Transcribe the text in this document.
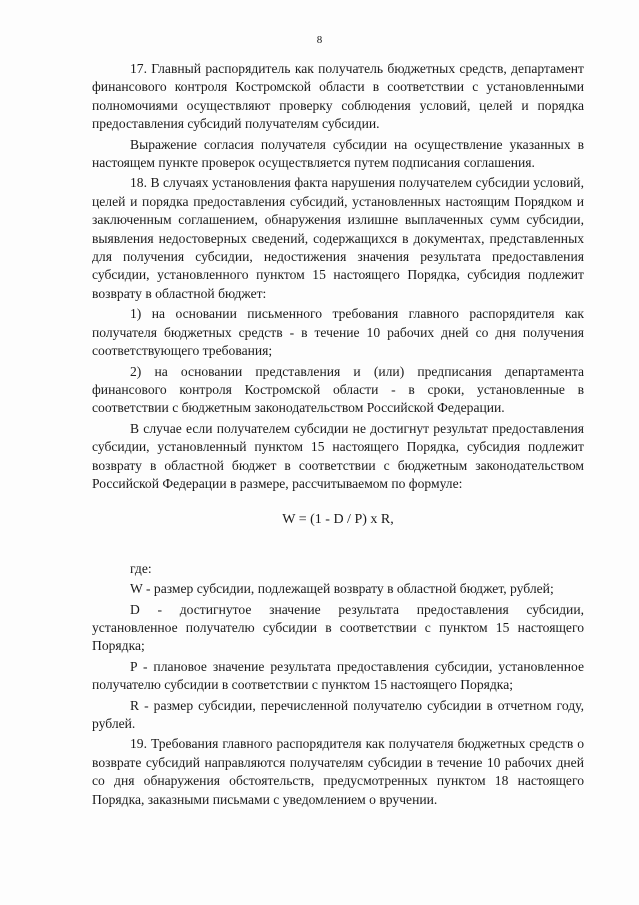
8

17. Главный распорядитель как получатель бюджетных средств, департамент финансового контроля Костромской области в соответствии с установленными полномочиями осуществляют проверку соблюдения условий, целей и порядка предоставления субсидий получателям субсидии.

Выражение согласия получателя субсидии на осуществление указанных в настоящем пункте проверок осуществляется путем подписания соглашения.

18. В случаях установления факта нарушения получателем субсидии условий, целей и порядка предоставления субсидий, установленных настоящим Порядком и заключенным соглашением, обнаружения излишне выплаченных сумм субсидии, выявления недостоверных сведений, содержащихся в документах, представленных для получения субсидии, недостижения значения результата предоставления субсидии, установленного пунктом 15 настоящего Порядка, субсидия подлежит возврату в областной бюджет:

1) на основании письменного требования главного распорядителя как получателя бюджетных средств - в течение 10 рабочих дней со дня получения соответствующего требования;

2) на основании представления и (или) предписания департамента финансового контроля Костромской области - в сроки, установленные в соответствии с бюджетным законодательством Российской Федерации.

В случае если получателем субсидии не достигнут результат предоставления субсидии, установленный пунктом 15 настоящего Порядка, субсидия подлежит возврату в областной бюджет в соответствии с бюджетным законодательством Российской Федерации в размере, рассчитываемом по формуле:

W = (1 - D / P) x R,

где:

W - размер субсидии, подлежащей возврату в областной бюджет, рублей;

D - достигнутое значение результата предоставления субсидии, установленное получателю субсидии в соответствии с пунктом 15 настоящего Порядка;

P - плановое значение результата предоставления субсидии, установленное получателю субсидии в соответствии с пунктом 15 настоящего Порядка;

R - размер субсидии, перечисленной получателю субсидии в отчетном году, рублей.

19. Требования главного распорядителя как получателя бюджетных средств о возврате субсидий направляются получателям субсидии в течение 10 рабочих дней со дня обнаружения обстоятельств, предусмотренных пунктом 18 настоящего Порядка, заказными письмами с уведомлением о вручении.
